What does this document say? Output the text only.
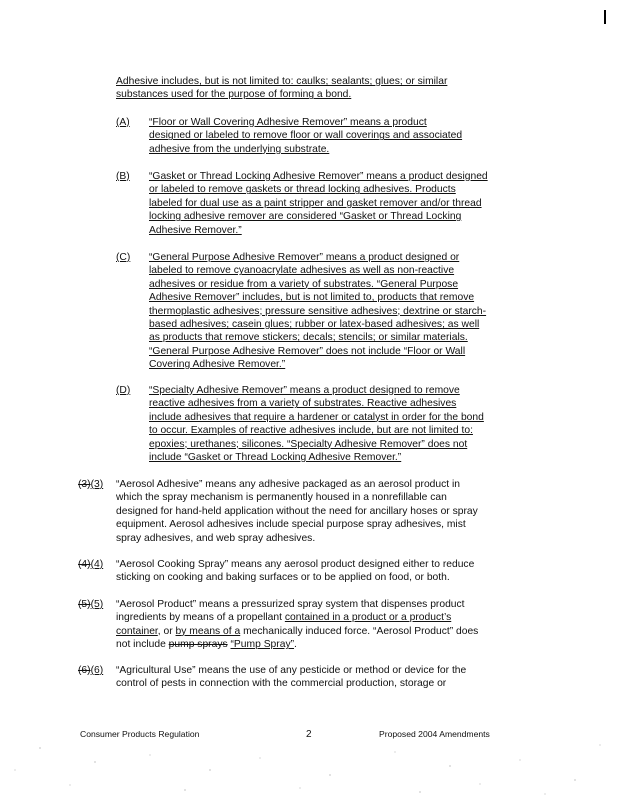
Adhesive includes, but is not limited to: caulks; sealants; glues; or similar
substances used for the purpose of forming a bond.
(A) “Floor or Wall Covering Adhesive Remover” means a product
designed or labeled to remove floor or wall coverings and associated
adhesive from the underlying substrate.
(B) “Gasket or Thread Locking Adhesive Remover” means a product designed
or labeled to remove gaskets or thread locking adhesives. Products
labeled for dual use as a paint stripper and gasket remover and/or thread
locking adhesive remover are considered “Gasket or Thread Locking
Adhesive Remover.”
(C) “General Purpose Adhesive Remover” means a product designed or
labeled to remove cyanoacrylate adhesives as well as non-reactive
adhesives or residue from a variety of substrates. “General Purpose
Adhesive Remover” includes, but is not limited to, products that remove
thermoplastic adhesives; pressure sensitive adhesives; dextrine or starch-
based adhesives; casein glues; rubber or latex-based adhesives; as well
as products that remove stickers; decals; stencils; or similar materials.
“General Purpose Adhesive Remover” does not include “Floor or Wall
Covering Adhesive Remover.”
(D) “Specialty Adhesive Remover” means a product designed to remove
reactive adhesives from a variety of substrates. Reactive adhesives
include adhesives that require a hardener or catalyst in order for the bond
to occur. Examples of reactive adhesives include, but are not limited to:
epoxies; urethanes; silicones. “Specialty Adhesive Remover” does not
include “Gasket or Thread Locking Adhesive Remover.”
(3)(3) “Aerosol Adhesive” means any adhesive packaged as an aerosol product in
which the spray mechanism is permanently housed in a nonrefillable can
designed for hand-held application without the need for ancillary hoses or spray
equipment. Aerosol adhesives include special purpose spray adhesives, mist
spray adhesives, and web spray adhesives.
(4)(4) “Aerosol Cooking Spray” means any aerosol product designed either to reduce
sticking on cooking and baking surfaces or to be applied on food, or both.
(5)(5) “Aerosol Product” means a pressurized spray system that dispenses product
ingredients by means of a propellant contained in a product or a product’s
container, or by means of a mechanically induced force. “Aerosol Product” does
not include pump sprays “Pump Spray”.
(6)(6) “Agricultural Use” means the use of any pesticide or method or device for the
control of pests in connection with the commercial production, storage or
Consumer Products Regulation	2	Proposed 2004 Amendments
